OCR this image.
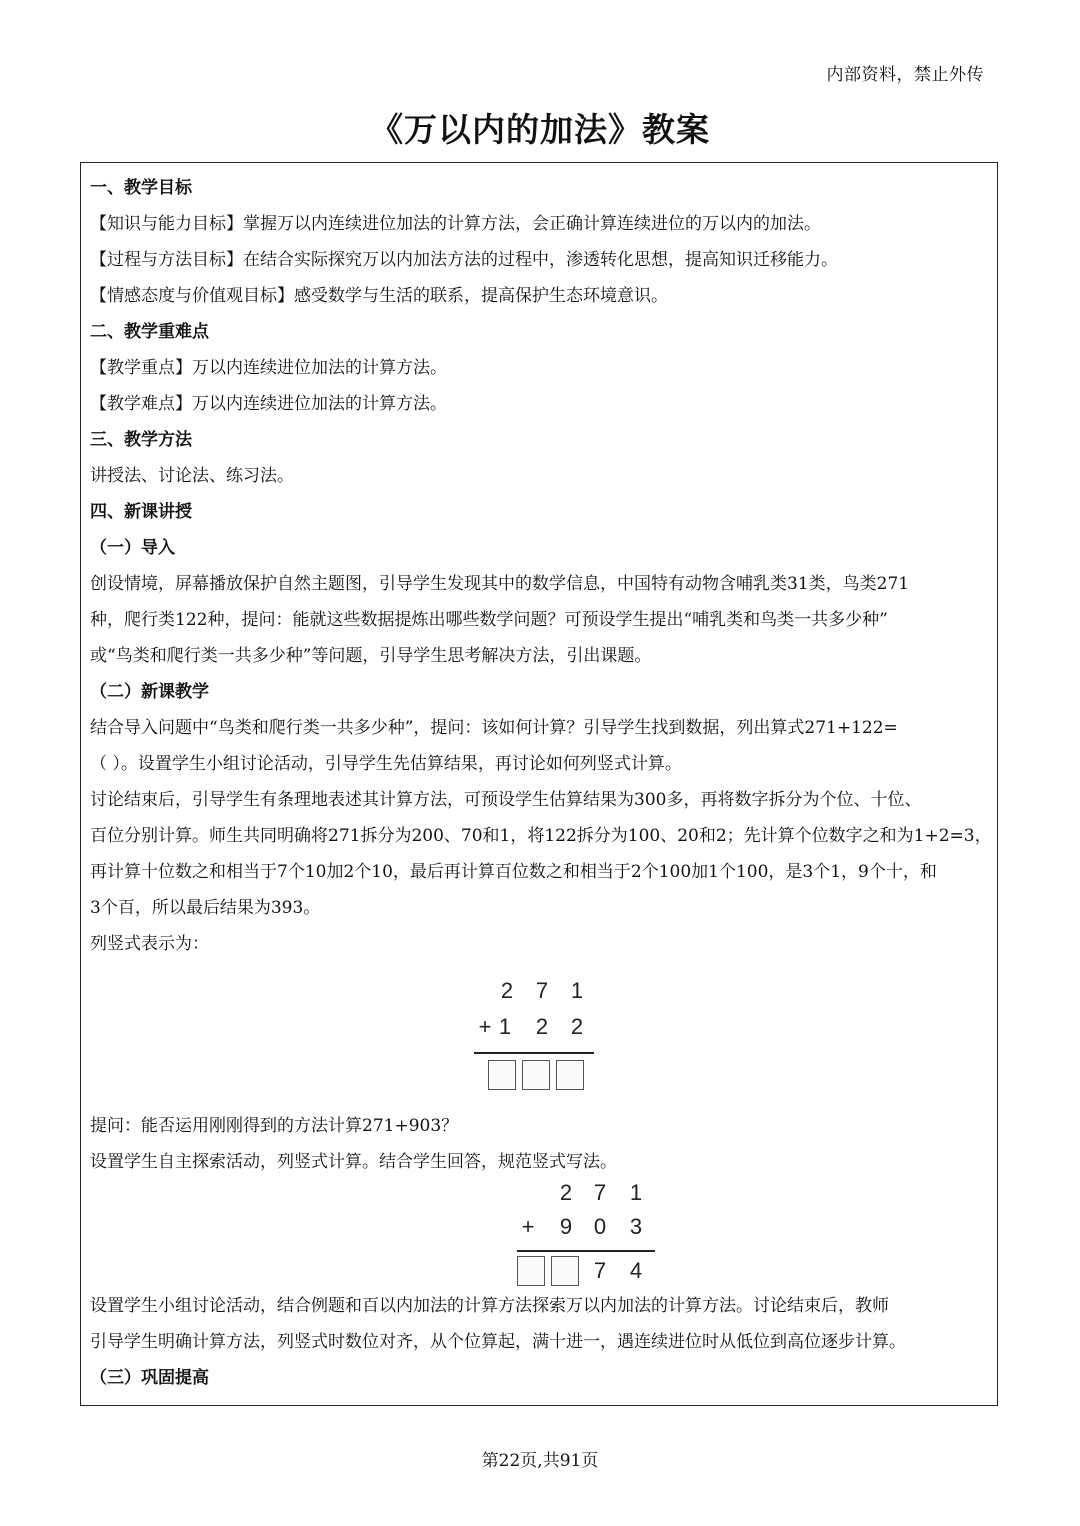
内部资料，禁止外传
《万以内的加法》教案
一、教学目标
【知识与能力目标】掌握万以内连续进位加法的计算方法，会正确计算连续进位的万以内的加法。
【过程与方法目标】在结合实际探究万以内加法方法的过程中，渗透转化思想，提高知识迁移能力。
【情感态度与价值观目标】感受数学与生活的联系，提高保护生态环境意识。
二、教学重难点
【教学重点】万以内连续进位加法的计算方法。
【教学难点】万以内连续进位加法的计算方法。
三、教学方法
讲授法、讨论法、练习法。
四、新课讲授
（一）导入
创设情境，屏幕播放保护自然主题图，引导学生发现其中的数学信息，中国特有动物含哺乳类31类，鸟类271
种，爬行类122种，提问：能就这些数据提炼出哪些数学问题？可预设学生提出“哺乳类和鸟类一共多少种”
或“鸟类和爬行类一共多少种”等问题，引导学生思考解决方法，引出课题。
（二）新课教学
结合导入问题中“鸟类和爬行类一共多少种”，提问：该如何计算？引导学生找到数据，列出算式271+122=
（ ）。设置学生小组讨论活动，引导学生先估算结果，再讨论如何列竖式计算。
讨论结束后，引导学生有条理地表述其计算方法，可预设学生估算结果为300多，再将数字拆分为个位、十位、
百位分别计算。师生共同明确将271拆分为200、70和1，将122拆分为100、20和2；先计算个位数字之和为1+2=3，
再计算十位数之和相当于7个10加2个10，最后再计算百位数之和相当于2个100加1个100，是3个1，9个十，和
3个百，所以最后结果为393。
列竖式表示为：
2 7 1
+ 1 2 2
提问：能否运用刚刚得到的方法计算271+903？
设置学生自主探索活动，列竖式计算。结合学生回答，规范竖式写法。
2 7 1
+ 9 0 3
7 4
设置学生小组讨论活动，结合例题和百以内加法的计算方法探索万以内加法的计算方法。讨论结束后，教师
引导学生明确计算方法，列竖式时数位对齐，从个位算起，满十进一，遇连续进位时从低位到高位逐步计算。
（三）巩固提高
第22页,共91页
